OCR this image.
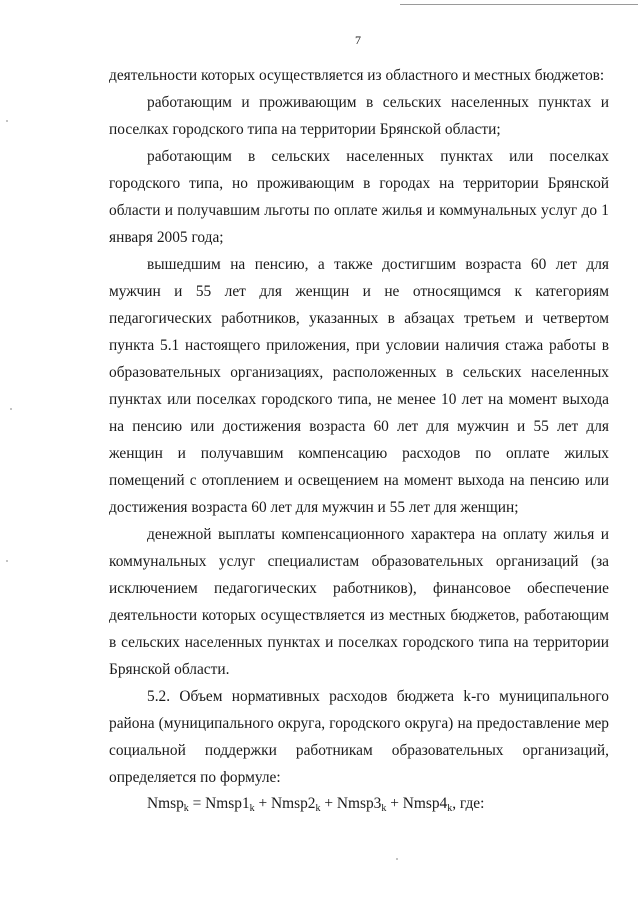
7

деятельности которых осуществляется из областного и местных бюджетов:

работающим и проживающим в сельских населенных пунктах и поселках городского типа на территории Брянской области;

работающим в сельских населенных пунктах или поселках городского типа, но проживающим в городах на территории Брянской области и получавшим льготы по оплате жилья и коммунальных услуг до 1 января 2005 года;

вышедшим на пенсию, а также достигшим возраста 60 лет для мужчин и 55 лет для женщин и не относящимся к категориям педагогических работников, указанных в абзацах третьем и четвертом пункта 5.1 настоящего приложения, при условии наличия стажа работы в образовательных организациях, расположенных в сельских населенных пунктах или поселках городского типа, не менее 10 лет на момент выхода на пенсию или достижения возраста 60 лет для мужчин и 55 лет для женщин и получавшим компенсацию расходов по оплате жилых помещений с отоплением и освещением на момент выхода на пенсию или достижения возраста 60 лет для мужчин и 55 лет для женщин;

денежной выплаты компенсационного характера на оплату жилья и коммунальных услуг специалистам образовательных организаций (за исключением педагогических работников), финансовое обеспечение деятельности которых осуществляется из местных бюджетов, работающим в сельских населенных пунктах и поселках городского типа на территории Брянской области.

5.2. Объем нормативных расходов бюджета k-го муниципального района (муниципального округа, городского округа) на предоставление мер социальной поддержки работникам образовательных организаций, определяется по формуле:

Nmsp$_k$ = $Nmsp1_k$ + $Nmsp2_k$ + $Nmsp3_k$ + $Nmsp4_k$, где:
